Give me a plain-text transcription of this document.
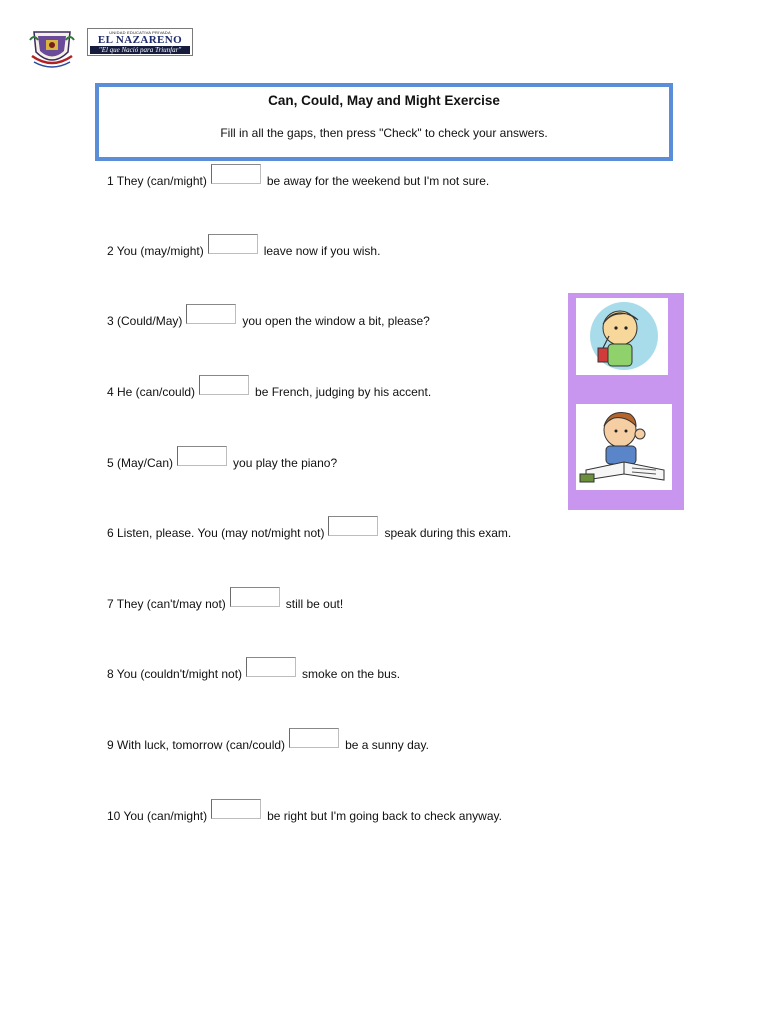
UNIDAD EDUCATIVA PRIVADA
EL NAZARENO
"El que Nació para Triunfar"
Can, Could, May and Might Exercise
Fill in all the gaps, then press "Check" to check your answers.
1 They (can/might)	be away for the weekend but I'm not sure.
2 You (may/might)	leave now if you wish.
3 (Could/May)	you open the window a bit, please?
4 He (can/could)	be French, judging by his accent.
5 (May/Can)	you play the piano?
6 Listen, please. You (may not/might not)	speak during this exam.
7 They (can't/may not)	still be out!
8 You (couldn't/might not)	smoke on the bus.
9 With luck, tomorrow (can/could)	be a sunny day.
10 You (can/might)	be right but I'm going back to check anyway.
